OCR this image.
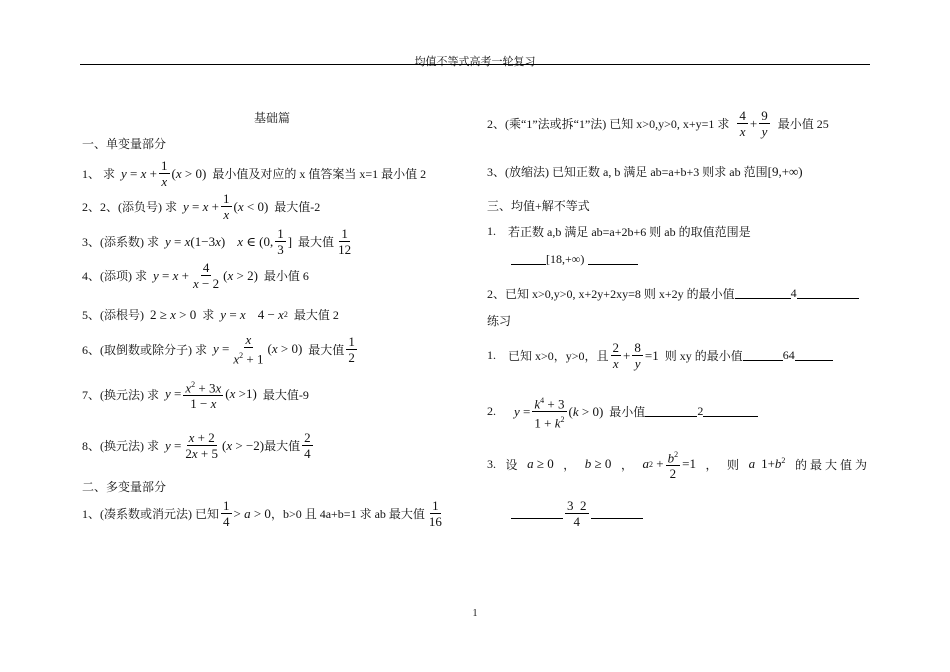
均值不等式高考一轮复习
基础篇
一、单变量部分
1、 求 $y = x + \frac{1}{x}$ ( x > 0) 最小值及对应的 x 值答案当 x=1 最小值 2
2、2、(添负号) 求 $y = x + \frac{1}{x}$ ( x < 0) 最大值-2
3、(添系数) 求 y = x (1 −3 x ) x ∈ (0, $\frac{1}{3}$ ] 最大值 $\frac{1}{12}$
4、(添项) 求 $y = x + \frac{4}{x - 2}$ ( x > 2) 最小值 6
5、(添根号) 2 ≥ x > 0 求 y = x 4 − x 2 最大值 2
6、(取倒数或除分子) 求 $y = \frac{x}{x^2 + 1}$ ( x > 0) 最大值 $\frac{1}{2}$
7、(换元法) 求 $y = \frac{x^2 + 3x}{1 - x}$ ( x >1) 最大值-9
8、(换元法) 求 $y = \frac{x + 2}{2x + 5}$ ( x > −2) 最大值 $\frac{2}{4}$
二、多变量部分
1、(凑系数或消元法) 已知 $\frac{1}{4} > a > 0$ ，b>0 且 4a+b=1 求 ab 最大值 $\frac{1}{16}$
2、(乘“1”法或拆“1”法) 已知 x>0,y>0, x+y=1 求 $\frac{4}{x} + \frac{9}{y}$ 最小值 25
3、(放缩法) 已知正数 a, b 满足 ab=a+b+3 则求 ab 范围 [9,+∞)
三、均值+解不等式
1. 若正数 a,b 满足 ab=a+2b+6 则 ab 的取值范围是
[18,+∞)
2、已知 x>0,y>0, x+2y+2xy=8 则 x+2y 的最小值	4
练习
1. 已知 x>0，y>0，且 $\frac{2}{x} + \frac{8}{y} =1$ 则 xy 的最小值	64
2. $y = \frac{k^4 + 3}{1 + k^2}$ ( k > 0) 最小值	2
3. 设 a ≥ 0 ， b ≥ 0 ， a $2 + \frac{b^2}{2} =1$ ， 则 a $1+b^2$ 的 最 大 值 为
$\frac{3 2}{4}$
1
